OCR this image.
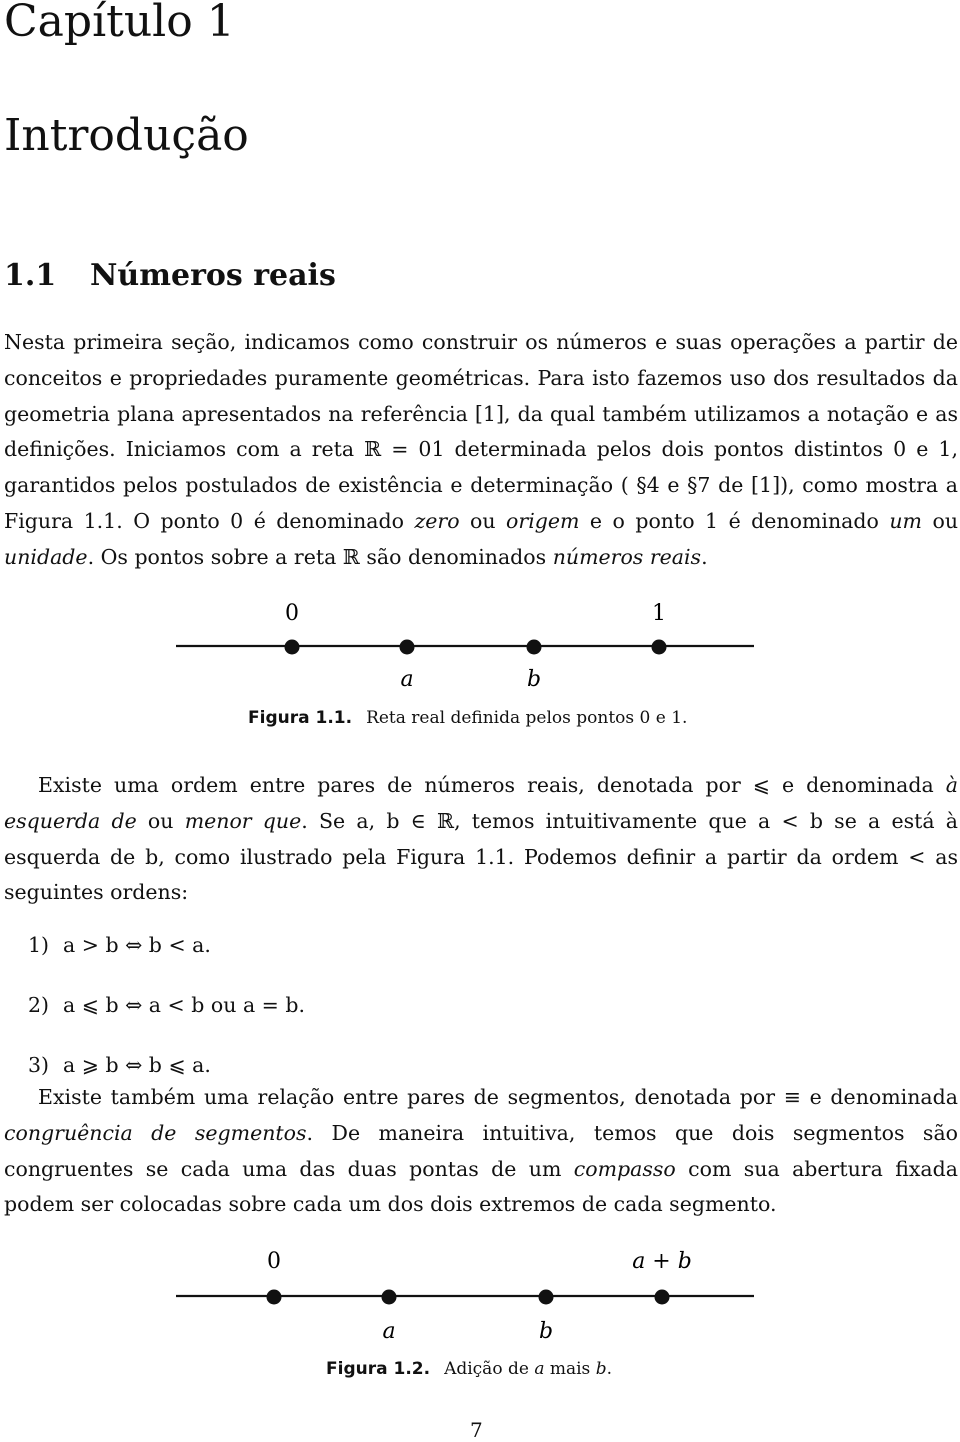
Capítulo 1
Introdução
1.1 Números reais
Nesta primeira seção, indicamos como construir os números e suas operações a partir de conceitos e propriedades puramente geométricas. Para isto fazemos uso dos resultados da geometria plana apresentados na referência [1], da qual também utilizamos a notação e as definições. Iniciamos com a reta ℝ = 01 determinada pelos dois pontos distintos 0 e 1, garantidos pelos postulados de existência e determinação ( §4 e §7 de [1]), como mostra a Figura 1.1. O ponto 0 é denominado zero ou origem e o ponto 1 é denominado um ou unidade. Os pontos sobre a reta ℝ são denominados números reais.
0	1
a	b
Figura 1.1. Reta real definida pelos pontos 0 e 1.
Existe uma ordem entre pares de números reais, denotada por ⩽ e denominada à esquerda de ou menor que. Se a, b ∈ ℝ, temos intuitivamente que a < b se a está à esquerda de b, como ilustrado pela Figura 1.1. Podemos definir a partir da ordem < as seguintes ordens:
1) a > b ⇔ b < a.
2) a ⩽ b ⇔ a < b ou a = b.
3) a ⩾ b ⇔ b ⩽ a.
Existe também uma relação entre pares de segmentos, denotada por ≡ e denominada congruência de segmentos. De maneira intuitiva, temos que dois segmentos são congruentes se cada uma das duas pontas de um compasso com sua abertura fixada podem ser colocadas sobre cada um dos dois extremos de cada segmento.
0	a + b
a	b
Figura 1.2. Adição de a mais b.
7
